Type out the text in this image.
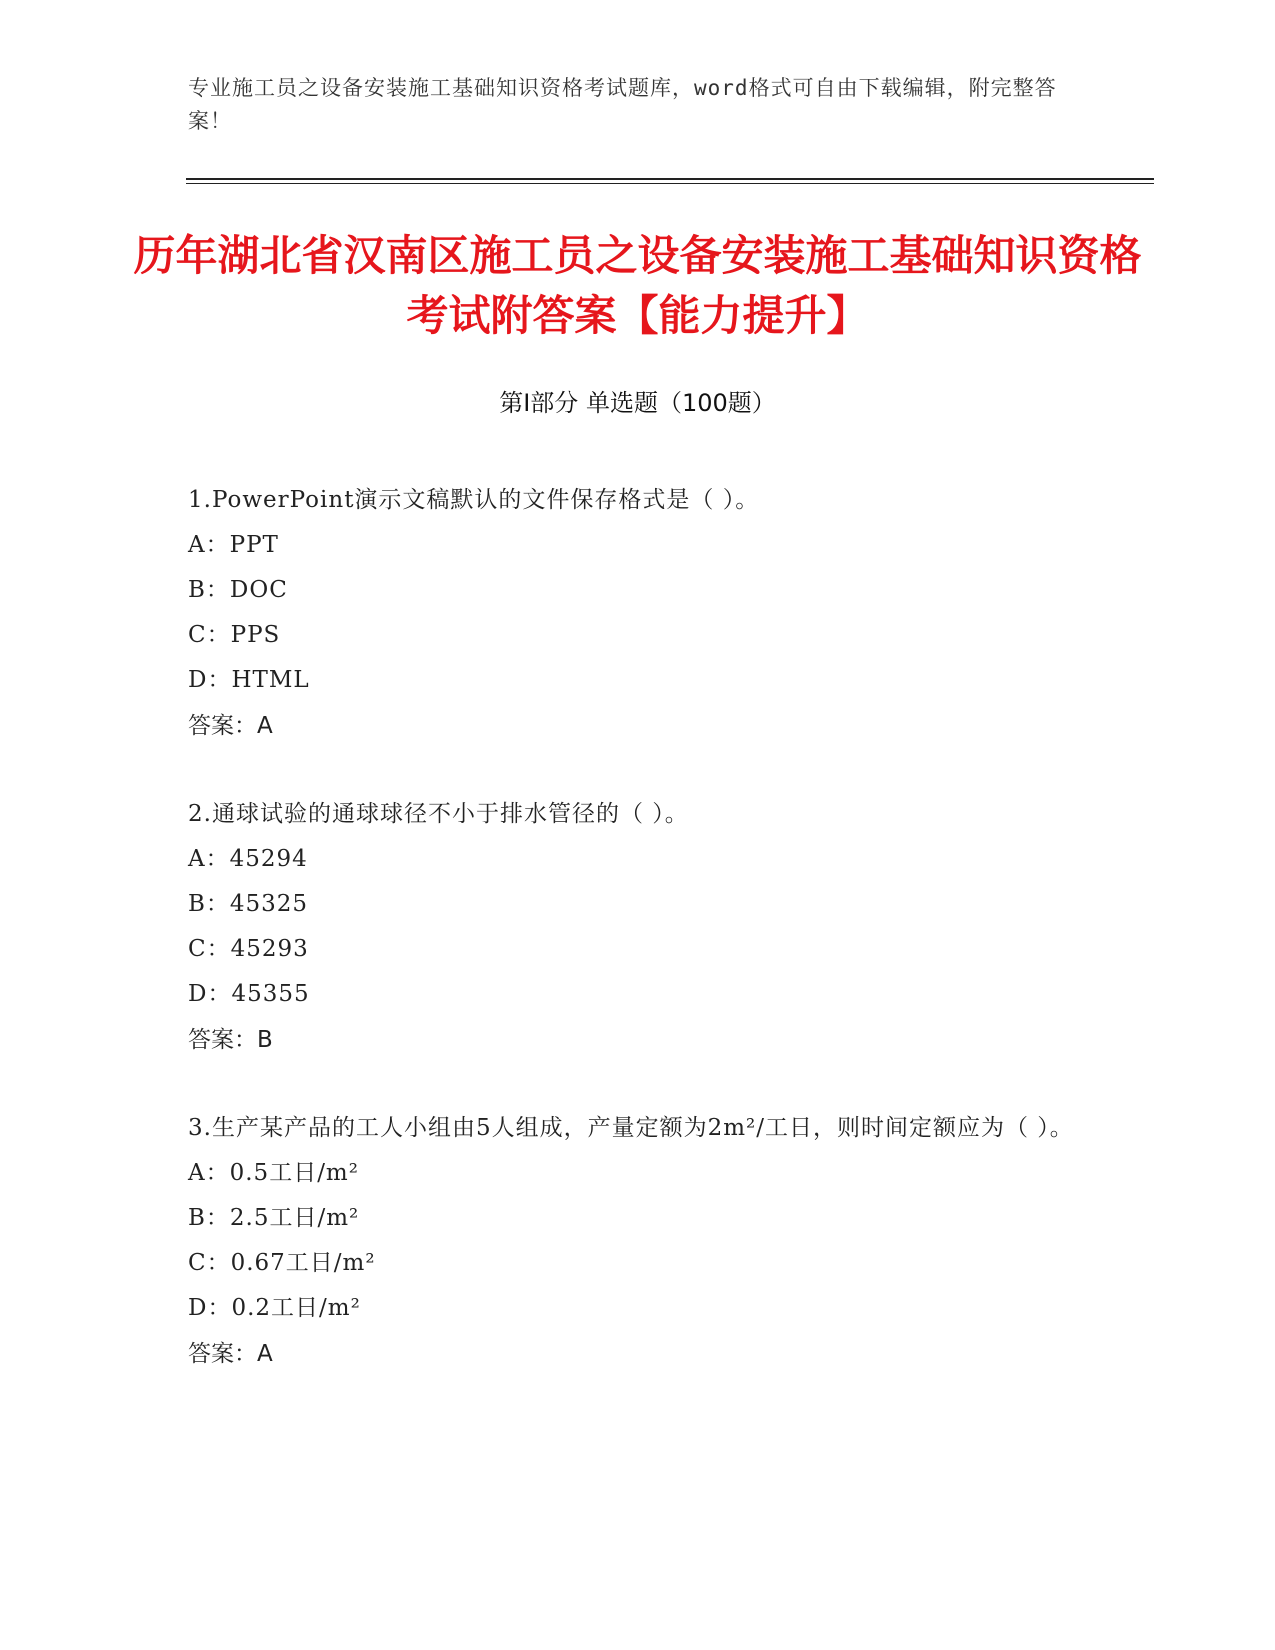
专业施工员之设备安装施工基础知识资格考试题库，word格式可自由下载编辑，附完整答案！
历年湖北省汉南区施工员之设备安装施工基础知识资格考试附答案【能力提升】
第Ⅰ部分 单选题（100题）
1.PowerPoint演示文稿默认的文件保存格式是（ ）。
A：PPT
B：DOC
C：PPS
D：HTML
答案：A
2.通球试验的通球球径不小于排水管径的（ ）。
A：45294
B：45325
C：45293
D：45355
答案：B
3.生产某产品的工人小组由5人组成，产量定额为2m²/工日，则时间定额应为（ ）。
A：0.5工日/m²
B：2.5工日/m²
C：0.67工日/m²
D：0.2工日/m²
答案：A
